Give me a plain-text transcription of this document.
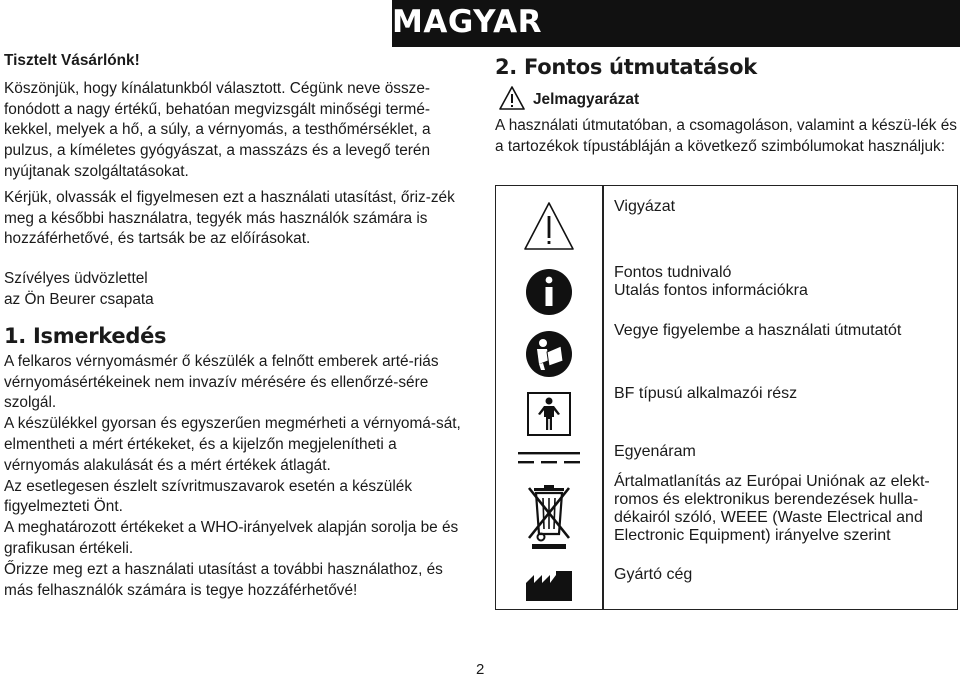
MAGYAR

Tisztelt Vásárlónk!

Köszönjük, hogy kínálatunkból választott. Cégünk neve össze-fonódott a nagy értékű, behatóan megvizsgált minőségi termé-kekkel, melyek a hő, a súly, a vérnyomás, a testhőmérséklet, a pulzus, a kíméletes gyógyászat, a masszázs és a levegő terén nyújtanak szolgáltatásokat.

Kérjük, olvassák el figyelmesen ezt a használati utasítást, őriz-zék meg a későbbi használatra, tegyék más használók számára is hozzáférhetővé, és tartsák be az előírásokat.

Szívélyes üdvözlettel

az Ön Beurer csapata

1. Ismerkedés

A felkaros vérnyomásmér ő készülék a felnőtt emberek arté-riás vérnyomásértékeinek nem invazív mérésére és ellenőrzé-sére szolgál.

A készülékkel gyorsan és egyszerűen megmérheti a vérnyomá-sát, elmentheti a mért értékeket, és a kijelzőn megjelenítheti a vérnyomás alakulását és a mért értékek átlagát.

Az esetlegesen észlelt szívritmuszavarok esetén a készülék figyelmezteti Önt.

A meghatározott értékeket a WHO-irányelvek alapján sorolja be és grafikusan értékeli.

Őrizze meg ezt a használati utasítást a további használathoz, és más felhasználók számára is tegye hozzáférhetővé!

2. Fontos útmutatások
Jelmagyarázat

A használati útmutatóban, a csomagoláson, valamint a készü-lék és a tartozékok típustábláján a következő szimbólumokat használjuk:

Vigyázat
Fontos tudnivaló
Utalás fontos információkra
Vegye figyelembe a használati útmutatót
BF típusú alkalmazói rész
Egyenáram
Ártalmatlanítás az Európai Uniónak az elekt-
romos és elektronikus berendezések hulla-
dékairól szóló, WEEE (Waste Electrical and
Electronic Equipment) irányelve szerint
Gyártó cég
2
